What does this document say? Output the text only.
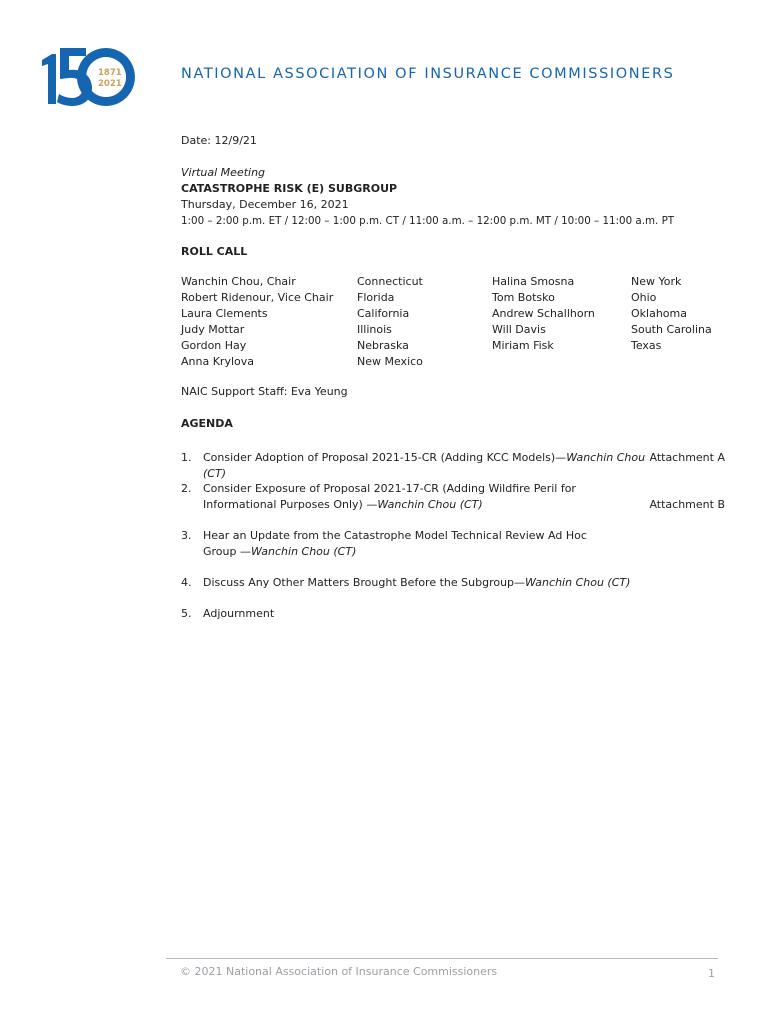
1871
2021
NATIONAL ASSOCIATION OF INSURANCE COMMISSIONERS
Date: 12/9/21
Virtual Meeting
CATASTROPHE RISK (E) SUBGROUP
Thursday, December 16, 2021
1:00 – 2:00 p.m. ET / 12:00 – 1:00 p.m. CT / 11:00 a.m. – 12:00 p.m. MT / 10:00 – 11:00 a.m. PT
ROLL CALL
Wanchin Chou, Chair
Robert Ridenour, Vice Chair
Laura Clements
Judy Mottar
Gordon Hay
Anna Krylova
Connecticut
Florida
California
Illinois
Nebraska
New Mexico
Halina Smosna
Tom Botsko
Andrew Schallhorn
Will Davis
Miriam Fisk
New York
Ohio
Oklahoma
South Carolina
Texas
NAIC Support Staff: Eva Yeung
AGENDA
1. Consider Adoption of Proposal 2021-15-CR (Adding KCC Models)—Wanchin Chou (CT)
Attachment A
2. Consider Exposure of Proposal 2021-17-CR (Adding Wildfire Peril for Informational Purposes Only) —Wanchin Chou (CT)	Attachment B
3. Hear an Update from the Catastrophe Model Technical Review Ad Hoc Group —Wanchin Chou (CT)
4. Discuss Any Other Matters Brought Before the Subgroup—Wanchin Chou (CT)
5. Adjournment
© 2021 National Association of Insurance Commissioners	1
